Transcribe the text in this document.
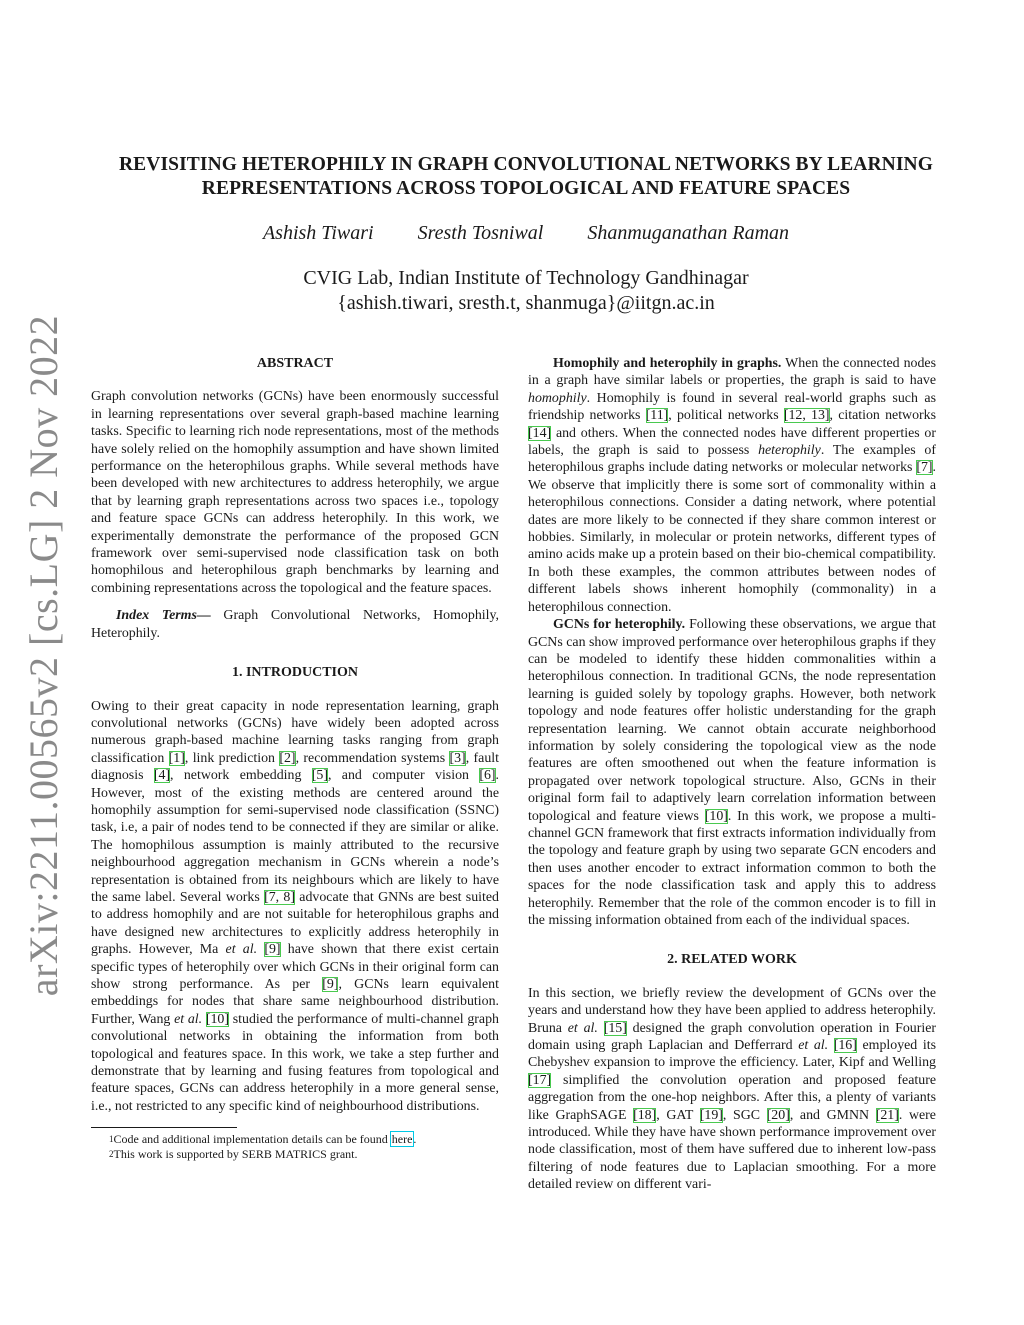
arXiv:2211.00565v2 [cs.LG] 2 Nov 2022
REVISITING HETEROPHILY IN GRAPH CONVOLUTIONAL NETWORKS BY LEARNING
REPRESENTATIONS ACROSS TOPOLOGICAL AND FEATURE SPACES
Ashish Tiwari Sresth Tosniwal Shanmuganathan Raman
CVIG Lab, Indian Institute of Technology Gandhinagar
{ashish.tiwari, sresth.t, shanmuga}@iitgn.ac.in

ABSTRACT

Graph convolution networks (GCNs) have been enormously successful in learning representations over several graph-based machine learning tasks. Specific to learning rich node representations, most of the methods have solely relied on the homophily assumption and have shown limited performance on the heterophilous graphs. While several methods have been developed with new architectures to address heterophily, we argue that by learning graph representations across two spaces i.e., topology and feature space GCNs can address heterophily. In this work, we experimentally demonstrate the performance of the proposed GCN framework over semi-supervised node classification task on both homophilous and heterophilous graph benchmarks by learning and combining representations across the topological and the feature spaces.

Index Terms— Graph Convolutional Networks, Homophily, Heterophily.

1. INTRODUCTION

Owing to their great capacity in node representation learning, graph convolutional networks (GCNs) have widely been adopted across numerous graph-based machine learning tasks ranging from graph classification [1], link prediction [2], recommendation systems [3], fault diagnosis [4], network embedding [5], and computer vision [6]. However, most of the existing methods are centered around the homophily assumption for semi-supervised node classification (SSNC) task, i.e, a pair of nodes tend to be connected if they are similar or alike. The homophilous assumption is mainly attributed to the recursive neighbourhood aggregation mechanism in GCNs wherein a node’s representation is obtained from its neighbours which are likely to have the same label. Several works [7, 8] advocate that GNNs are best suited to address homophily and are not suitable for heterophilous graphs and have designed new architectures to explicitly address heterophily in graphs. However, Ma et al. [9] have shown that there exist certain specific types of heterophily over which GCNs in their original form can show strong performance. As per [9], GCNs learn equivalent embeddings for nodes that share same neighbourhood distribution. Further, Wang et al. [10] studied the performance of multi-channel graph convolutional networks in obtaining the information from both topological and features space. In this work, we take a step further and demonstrate that by learning and fusing features from topological and feature spaces, GCNs can address heterophily in a more general sense, i.e., not restricted to any specific kind of neighbourhood distributions.

$^1$Code and additional implementation details can be found here.

$^2$This work is supported by SERB MATRICS grant.

Homophily and heterophily in graphs. When the connected nodes in a graph have similar labels or properties, the graph is said to have homophily. Homophily is found in several real-world graphs such as friendship networks [11], political networks [12, 13], citation networks [14] and others. When the connected nodes have different properties or labels, the graph is said to possess heterophily. The examples of heterophilous graphs include dating networks or molecular networks [7]. We observe that implicitly there is some sort of commonality within a heterophilous connections. Consider a dating network, where potential dates are more likely to be connected if they share common interest or hobbies. Similarly, in molecular or protein networks, different types of amino acids make up a protein based on their bio-chemical compatibility. In both these examples, the common attributes between nodes of different labels shows inherent homophily (commonality) in a heterophilous connection.

GCNs for heterophily. Following these observations, we argue that GCNs can show improved performance over heterophilous graphs if they can be modeled to identify these hidden commonalities within a heterophilous connection. In traditional GCNs, the node representation learning is guided solely by topology graphs. However, both network topology and node features offer holistic understanding for the graph representation learning. We cannot obtain accurate neighborhood information by solely considering the topological view as the node features are often smoothened out when the feature information is propagated over network topological structure. Also, GCNs in their original form fail to adaptively learn correlation information between topological and feature views [10]. In this work, we propose a multi-channel GCN framework that first extracts information individually from the topology and feature graph by using two separate GCN encoders and then uses another encoder to extract information common to both the spaces for the node classification task and apply this to address heterophily. Remember that the role of the common encoder is to fill in the missing information obtained from each of the individual spaces.

2. RELATED WORK

In this section, we briefly review the development of GCNs over the years and understand how they have been applied to address heterophily. Bruna et al. [15] designed the graph convolution operation in Fourier domain using graph Laplacian and Defferrard et al. [16] employed its Chebyshev expansion to improve the efficiency. Later, Kipf and Welling [17] simplified the convolution operation and proposed feature aggregation from the one-hop neighbors. After this, a plenty of variants like GraphSAGE [18], GAT [19], SGC [20], and GMNN [21]. were introduced. While they have have shown performance improvement over node classification, most of them have suffered due to inherent low-pass filtering of node features due to Laplacian smoothing. For a more detailed review on different vari-
